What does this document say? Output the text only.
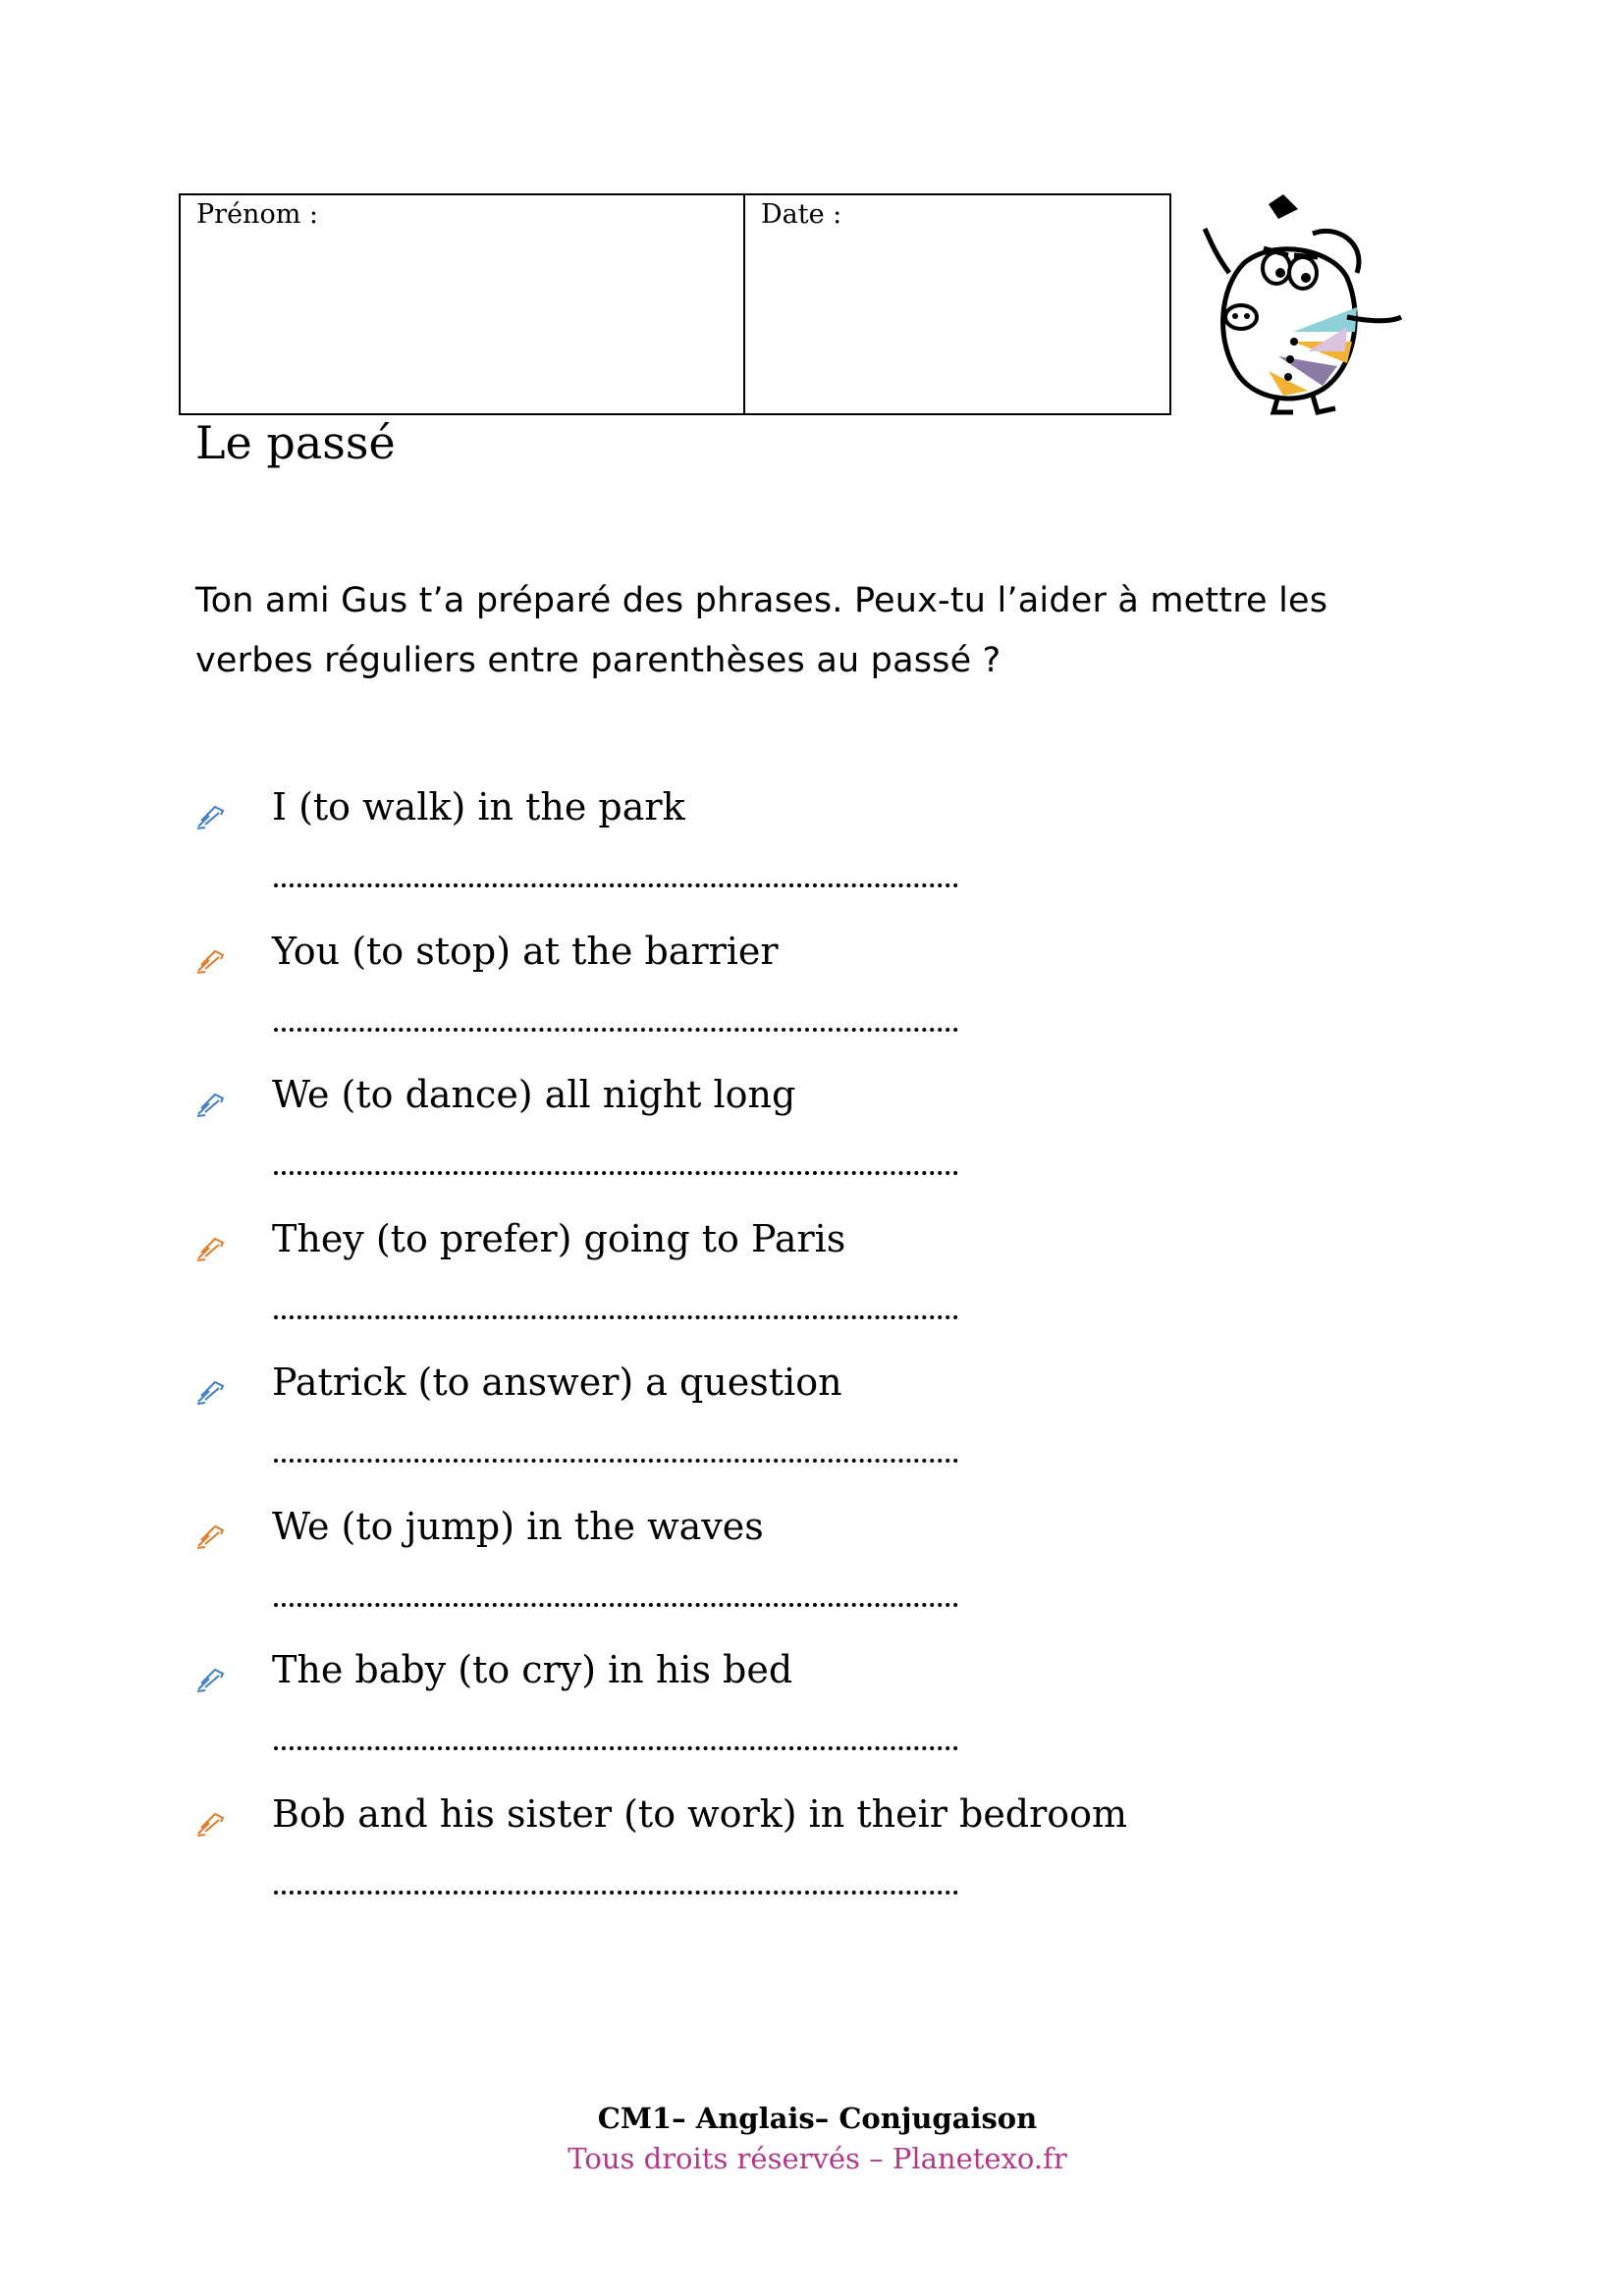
Prénom :	Date :
Le passé
Ton ami Gus t’a préparé des phrases. Peux-tu l’aider à mettre les verbes réguliers entre parenthèses au passé ?
I (to walk) in the park
You (to stop) at the barrier
We (to dance) all night long
They (to prefer) going to Paris
Patrick (to answer) a question
We (to jump) in the waves
The baby (to cry) in his bed
Bob and his sister (to work) in their bedroom
CM1– Anglais– Conjugaison
Tous droits réservés – Planetexo.fr
